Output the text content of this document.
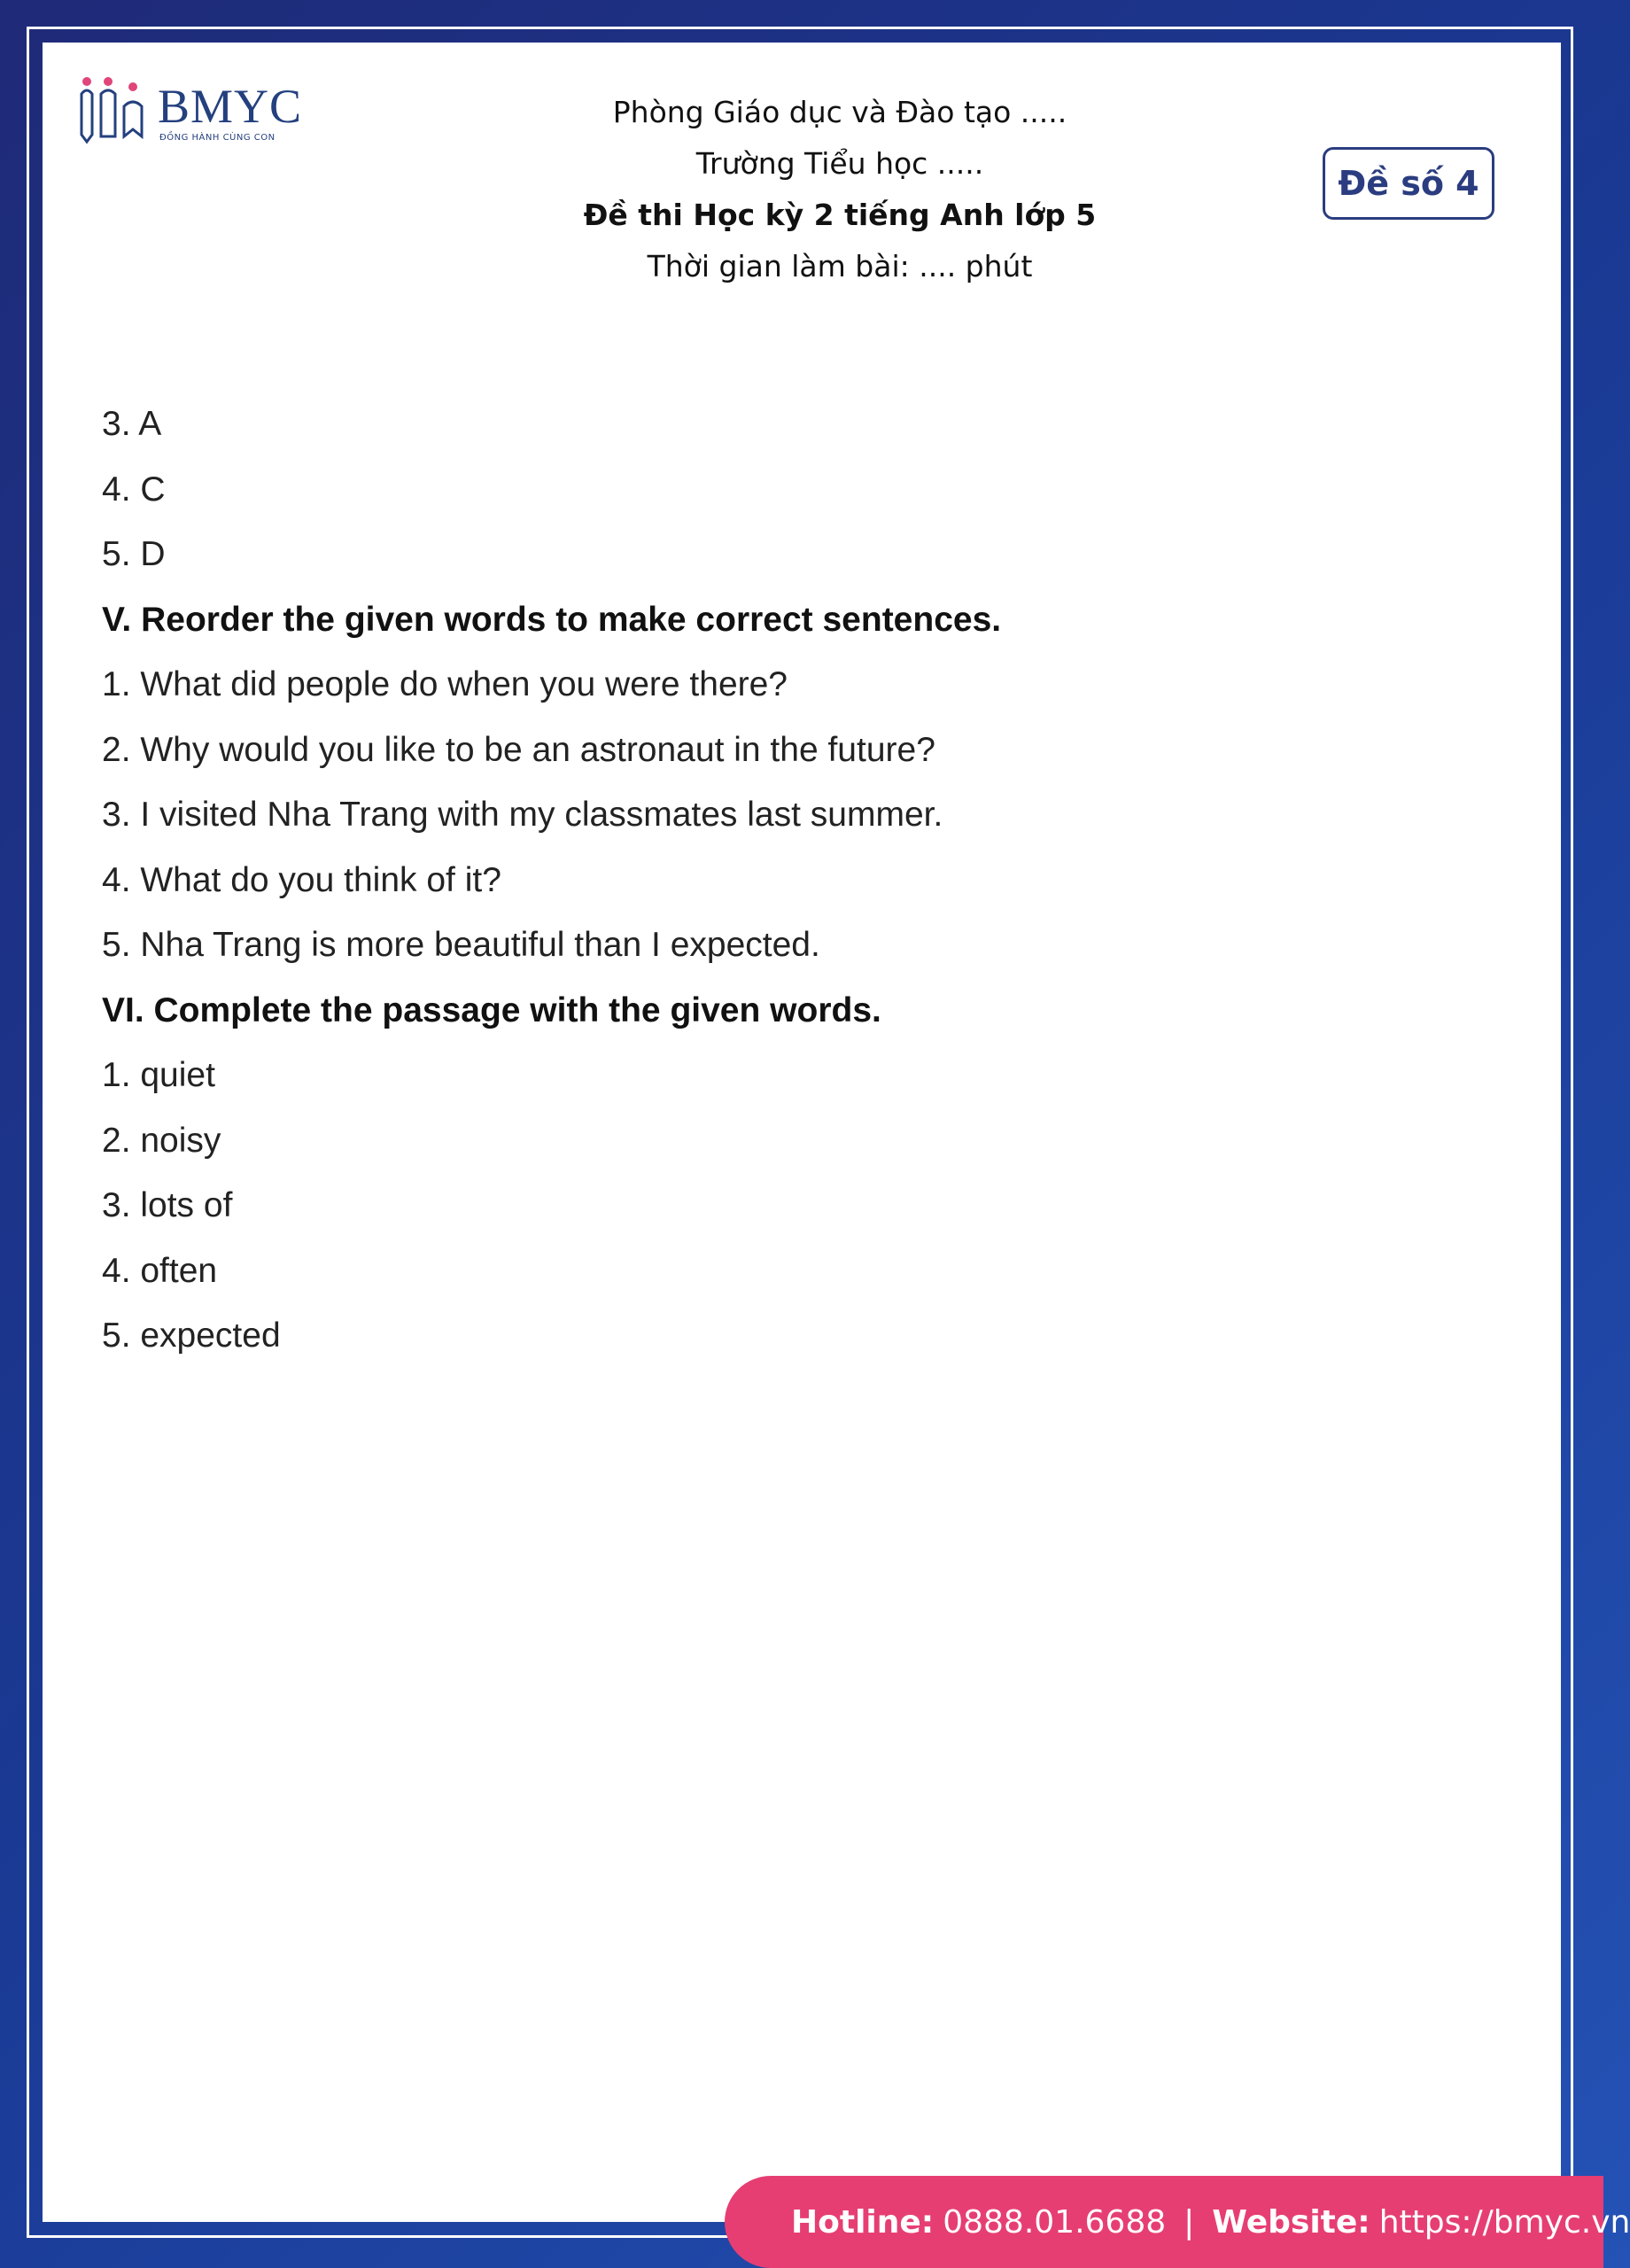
BMYC
ĐỒNG HÀNH CÙNG CON
Phòng Giáo dục và Đào tạo .....
Trường Tiểu học .....
Đề thi Học kỳ 2 tiếng Anh lớp 5
Thời gian làm bài: .... phút
Đề số 4
3. A
4. C
5. D
V. Reorder the given words to make correct sentences.
1. What did people do when you were there?
2. Why would you like to be an astronaut in the future?
3. I visited Nha Trang with my classmates last summer.
4. What do you think of it?
5. Nha Trang is more beautiful than I expected.
VI. Complete the passage with the given words.
1. quiet
2. noisy
3. lots of
4. often
5. expected
Hotline: 0888.01.6688 | Website: https://bmyc.vn
